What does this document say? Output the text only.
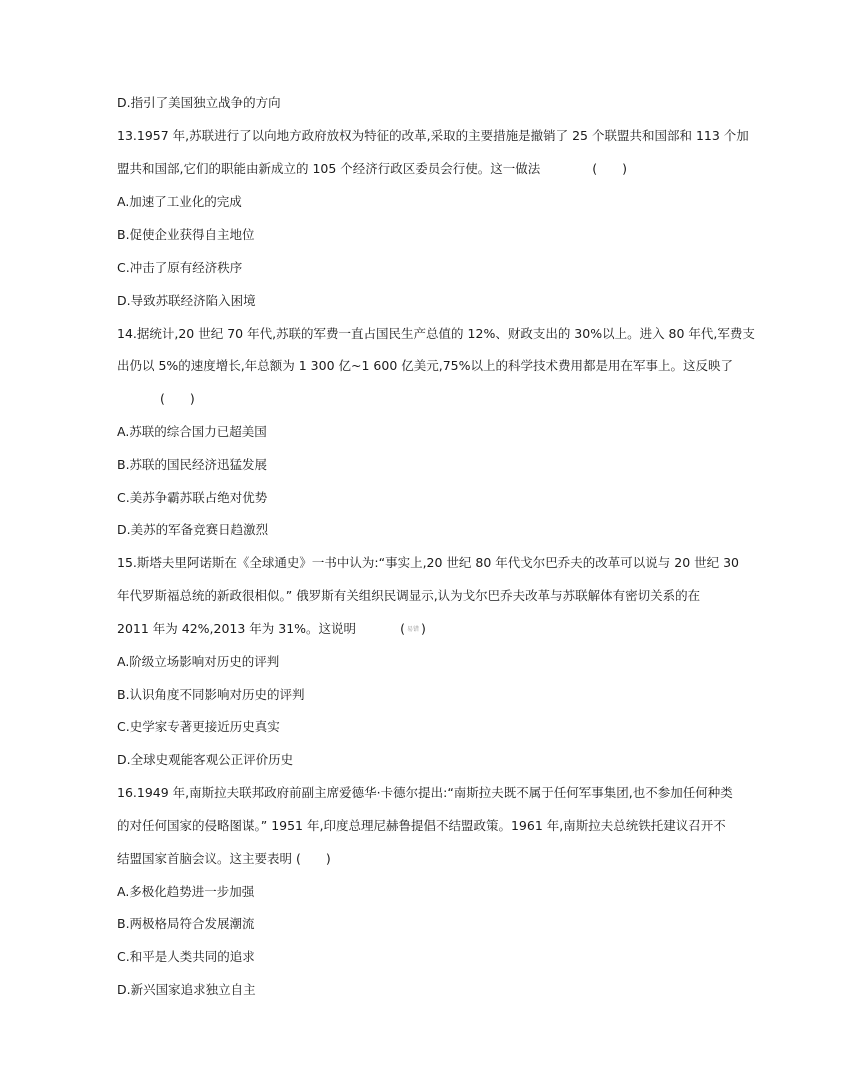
D.指引了美国独立战争的方向
13.1957 年,苏联进行了以向地方政府放权为特征的改革,采取的主要措施是撤销了 25 个联盟共和国部和 113 个加
盟共和国部,它们的职能由新成立的 105 个经济行政区委员会行使。这一做法	(　　)
A.加速了工业化的完成
B.促使企业获得自主地位
C.冲击了原有经济秩序
D.导致苏联经济陷入困境
14.据统计,20 世纪 70 年代,苏联的军费一直占国民生产总值的 12%、财政支出的 30%以上。进入 80 年代,军费支
出仍以 5%的速度增长,年总额为 1 300 亿~1 600 亿美元,75%以上的科学技术费用都是用在军事上。这反映了
(　　)
A.苏联的综合国力已超美国
B.苏联的国民经济迅猛发展
C.美苏争霸苏联占绝对优势
D.美苏的军备竞赛日趋激烈
15.斯塔夫里阿诺斯在《全球通史》一书中认为:“事实上,20 世纪 80 年代戈尔巴乔夫的改革可以说与 20 世纪 30
年代罗斯福总统的新政很相似。” 俄罗斯有关组织民调显示,认为戈尔巴乔夫改革与苏联解体有密切关系的在
2011 年为 42%,2013 年为 31%。这说明	( 易错 )
A.阶级立场影响对历史的评判
B.认识角度不同影响对历史的评判
C.史学家专著更接近历史真实
D.全球史观能客观公正评价历史
16.1949 年,南斯拉夫联邦政府前副主席爱德华·卡德尔提出:“南斯拉夫既不属于任何军事集团,也不参加任何种类
的对任何国家的侵略图谋。” 1951 年,印度总理尼赫鲁提倡不结盟政策。1961 年,南斯拉夫总统铁托建议召开不
结盟国家首脑会议。这主要表明 (　　)
A.多极化趋势进一步加强
B.两极格局符合发展潮流
C.和平是人类共同的追求
D.新兴国家追求独立自主
